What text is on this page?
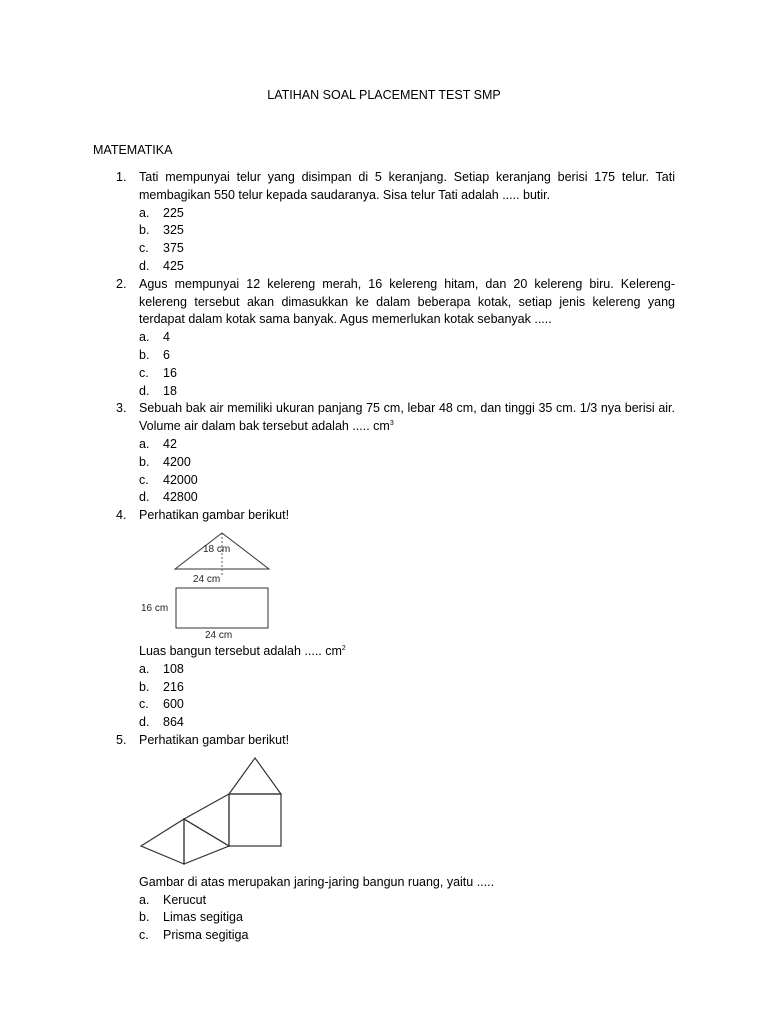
LATIHAN SOAL PLACEMENT TEST SMP
MATEMATIKA
1. Tati mempunyai telur yang disimpan di 5 keranjang. Setiap keranjang berisi 175 telur. Tati membagikan 550 telur kepada saudaranya. Sisa telur Tati adalah ..... butir.
a. 225
b. 325
c. 375
d. 425
2. Agus mempunyai 12 kelereng merah, 16 kelereng hitam, dan 20 kelereng biru. Kelereng-kelereng tersebut akan dimasukkan ke dalam beberapa kotak, setiap jenis kelereng yang terdapat dalam kotak sama banyak. Agus memerlukan kotak sebanyak .....
a. 4
b. 6
c. 16
d. 18
3. Sebuah bak air memiliki ukuran panjang 75 cm, lebar 48 cm, dan tinggi 35 cm. 1/3 nya berisi air. Volume air dalam bak tersebut adalah ..... $cm^3$
a. 42
b. 4200
c. 42000
d. 42800
4. Perhatikan gambar berikut!
18 cm
24 cm
16 cm
24 cm
Luas bangun tersebut adalah ..... $cm^2$
a. 108
b. 216
c. 600
d. 864
5. Perhatikan gambar berikut!
Gambar di atas merupakan jaring-jaring bangun ruang, yaitu .....
a. Kerucut
b. Limas segitiga
c. Prisma segitiga
